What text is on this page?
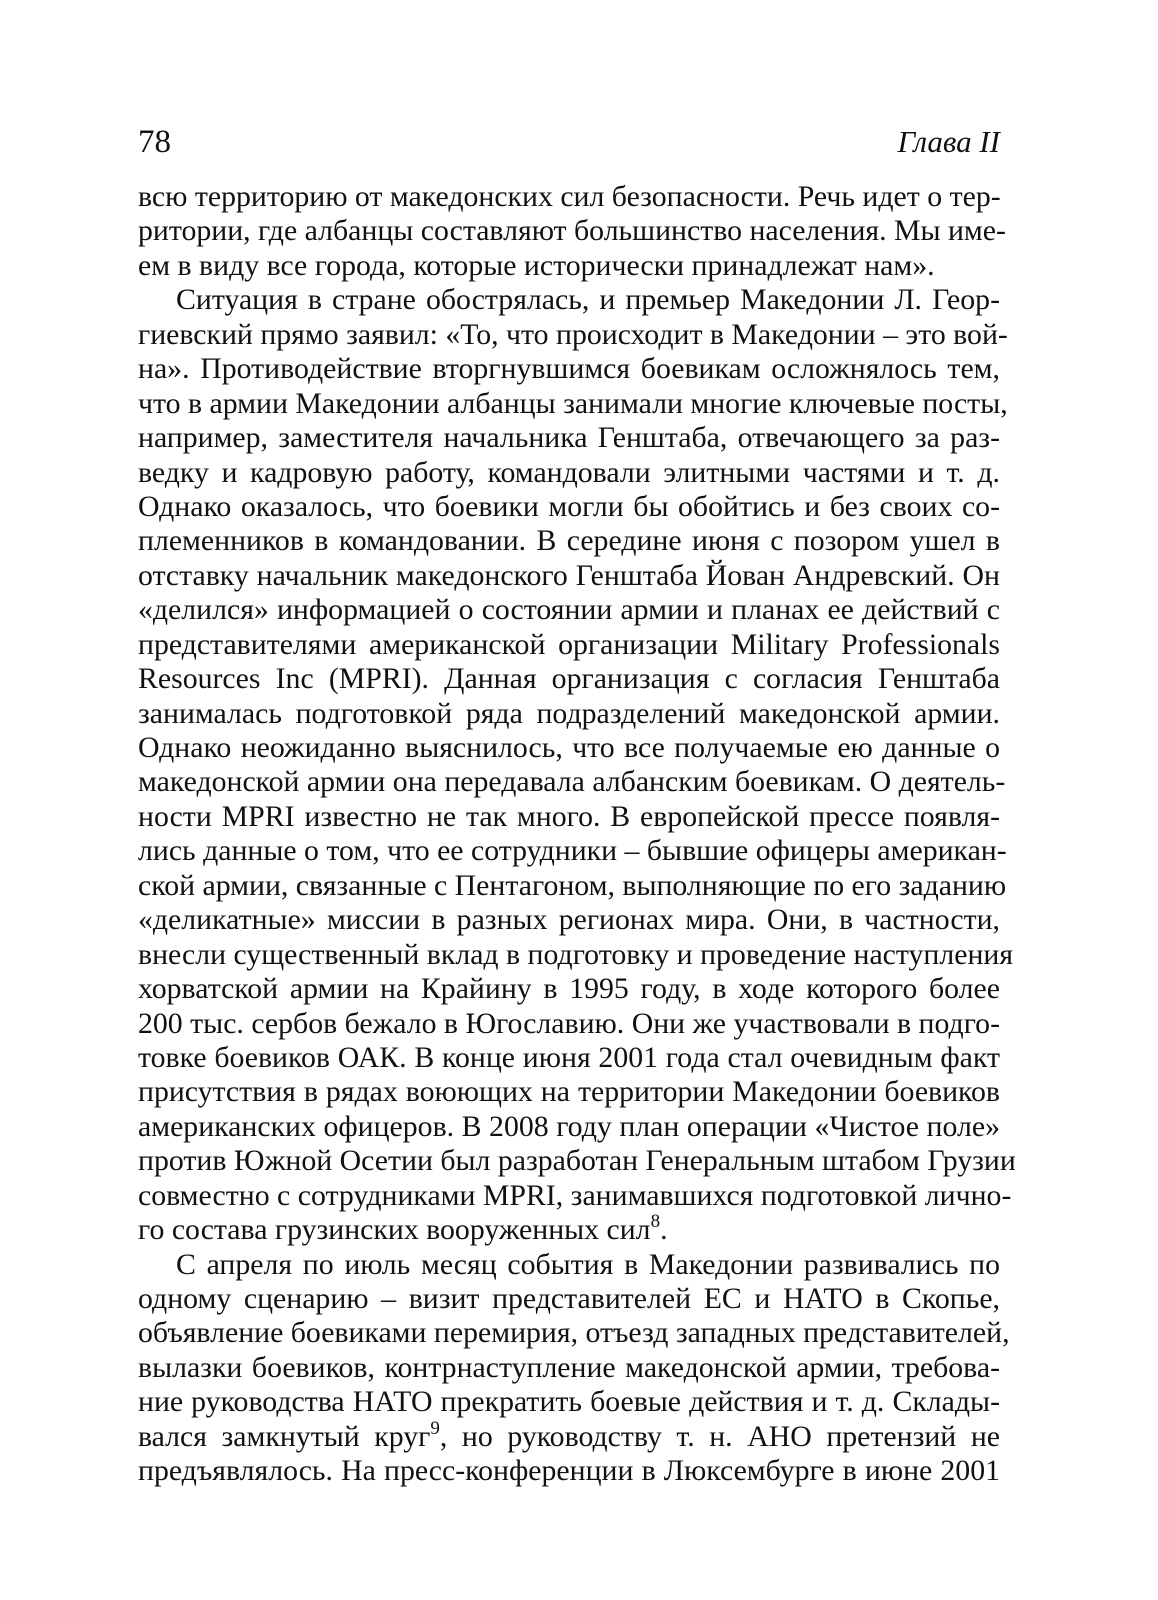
78	Глава II
всю территорию от македонских сил безопасности. Речь идет о тер-
ритории, где албанцы составляют большинство населения. Мы име-
ем в виду все города, которые исторически принадлежат нам».
Ситуация в стране обострялась, и премьер Македонии Л. Геор-
гиевский прямо заявил: «То, что происходит в Македонии – это вой-
на». Противодействие вторгнувшимся боевикам осложнялось тем,
что в армии Македонии албанцы занимали многие ключевые посты,
например, заместителя начальника Генштаба, отвечающего за раз-
ведку и кадровую работу, командовали элитными частями и т. д.
Однако оказалось, что боевики могли бы обойтись и без своих со-
племенников в командовании. В середине июня с позором ушел в
отставку начальник македонского Генштаба Йован Андревский. Он
«делился» информацией о состоянии армии и планах ее действий с
представителями американской организации Military Professionals
Resources Inc (MPRI). Данная организация с согласия Генштаба
занималась подготовкой ряда подразделений македонской армии.
Однако неожиданно выяснилось, что все получаемые ею данные о
македонской армии она передавала албанским боевикам. О деятель-
ности MPRI известно не так много. В европейской прессе появля-
лись данные о том, что ее сотрудники – бывшие офицеры американ-
ской армии, связанные с Пентагоном, выполняющие по его заданию
«деликатные» миссии в разных регионах мира. Они, в частности,
внесли существенный вклад в подготовку и проведение наступления
хорватской армии на Крайину в 1995 году, в ходе которого более
200 тыс. сербов бежало в Югославию. Они же участвовали в подго-
товке боевиков ОАК. В конце июня 2001 года стал очевидным факт
присутствия в рядах воюющих на территории Македонии боевиков
американских офицеров. В 2008 году план операции «Чистое поле»
против Южной Осетии был разработан Генеральным штабом Грузии
совместно с сотрудниками MPRI, занимавшихся подготовкой лично-
го состава грузинских вооруженных сил$^8$.
С апреля по июль месяц события в Македонии развивались по
одному сценарию – визит представителей ЕС и НАТО в Скопье,
объявление боевиками перемирия, отъезд западных представителей,
вылазки боевиков, контрнаступление македонской армии, требова-
ние руководства НАТО прекратить боевые действия и т. д. Склады-
вался замкнутый круг$^9$, но руководству т. н. АНО претензий не
предъявлялось. На пресс-конференции в Люксембурге в июне 2001
